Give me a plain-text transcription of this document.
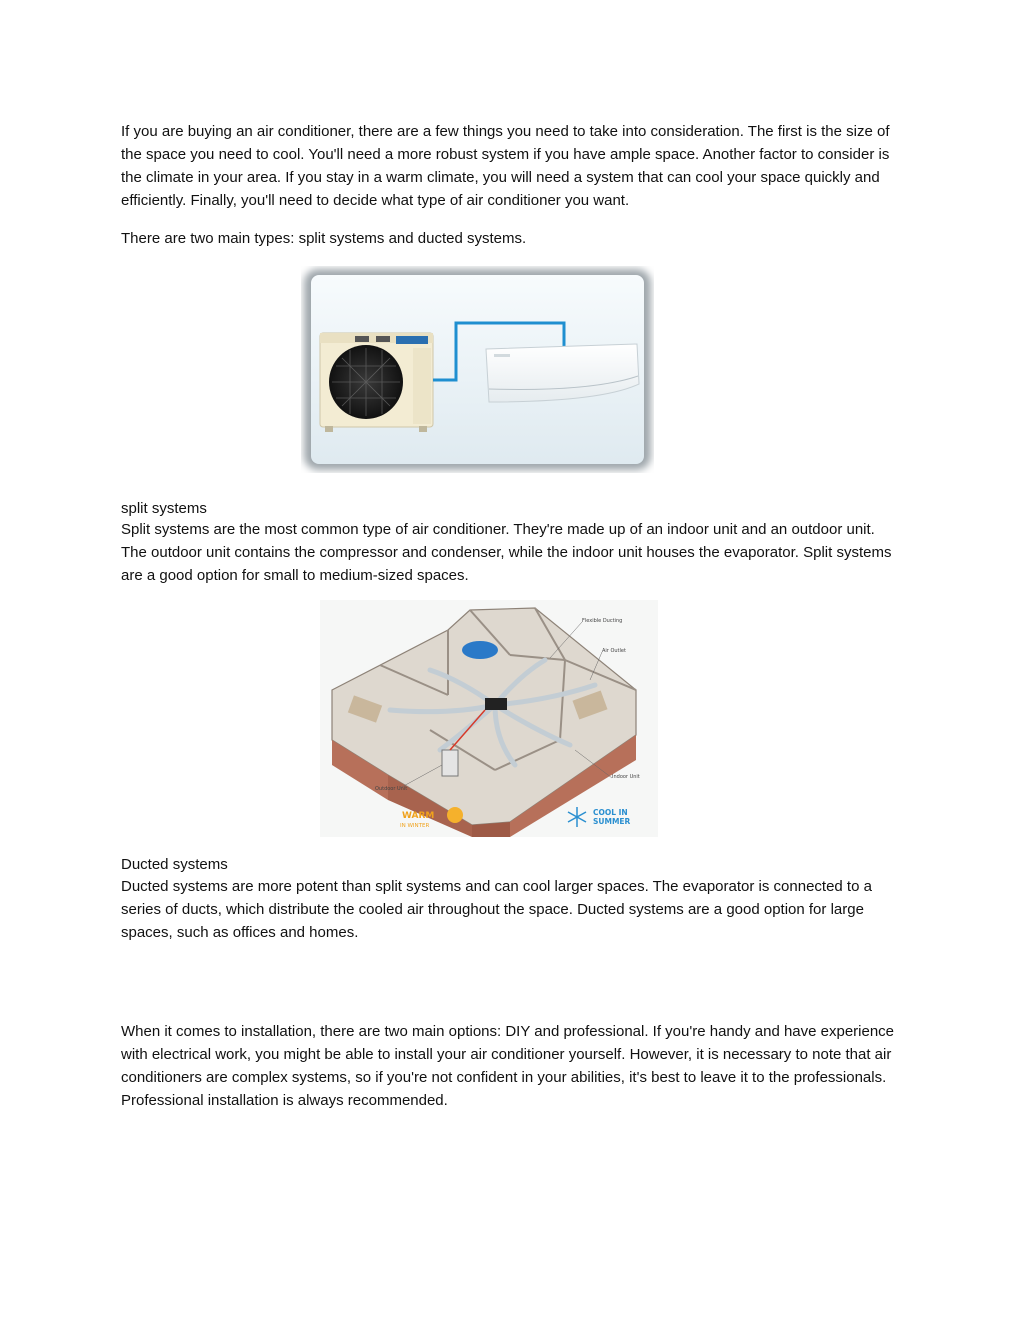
If you are buying an air conditioner, there are a few things you need to take into consideration. The first is the size of the space you need to cool. You'll need a more robust system if you have ample space. Another factor to consider is the climate in your area. If you stay in a warm climate, you will need a system that can cool your space quickly and efficiently. Finally, you'll need to decide what type of air conditioner you want.

There are two main types: split systems and ducted systems.

split systems

Split systems are the most common type of air conditioner. They're made up of an indoor unit and an outdoor unit. The outdoor unit contains the compressor and condenser, while the indoor unit houses the evaporator. Split systems are a good option for small to medium-sized spaces.

Flexible Ducting
Air Outlet
Indoor Unit
Outdoor Unit
WARM
IN WINTER
COOL IN
SUMMER

Ducted systems

Ducted systems are more potent than split systems and can cool larger spaces. The evaporator is connected to a series of ducts, which distribute the cooled air throughout the space. Ducted systems are a good option for large spaces, such as offices and homes.

When it comes to installation, there are two main options: DIY and professional. If you're handy and have experience with electrical work, you might be able to install your air conditioner yourself. However, it is necessary to note that air conditioners are complex systems, so if you're not confident in your abilities, it's best to leave it to the professionals. Professional installation is always recommended.
